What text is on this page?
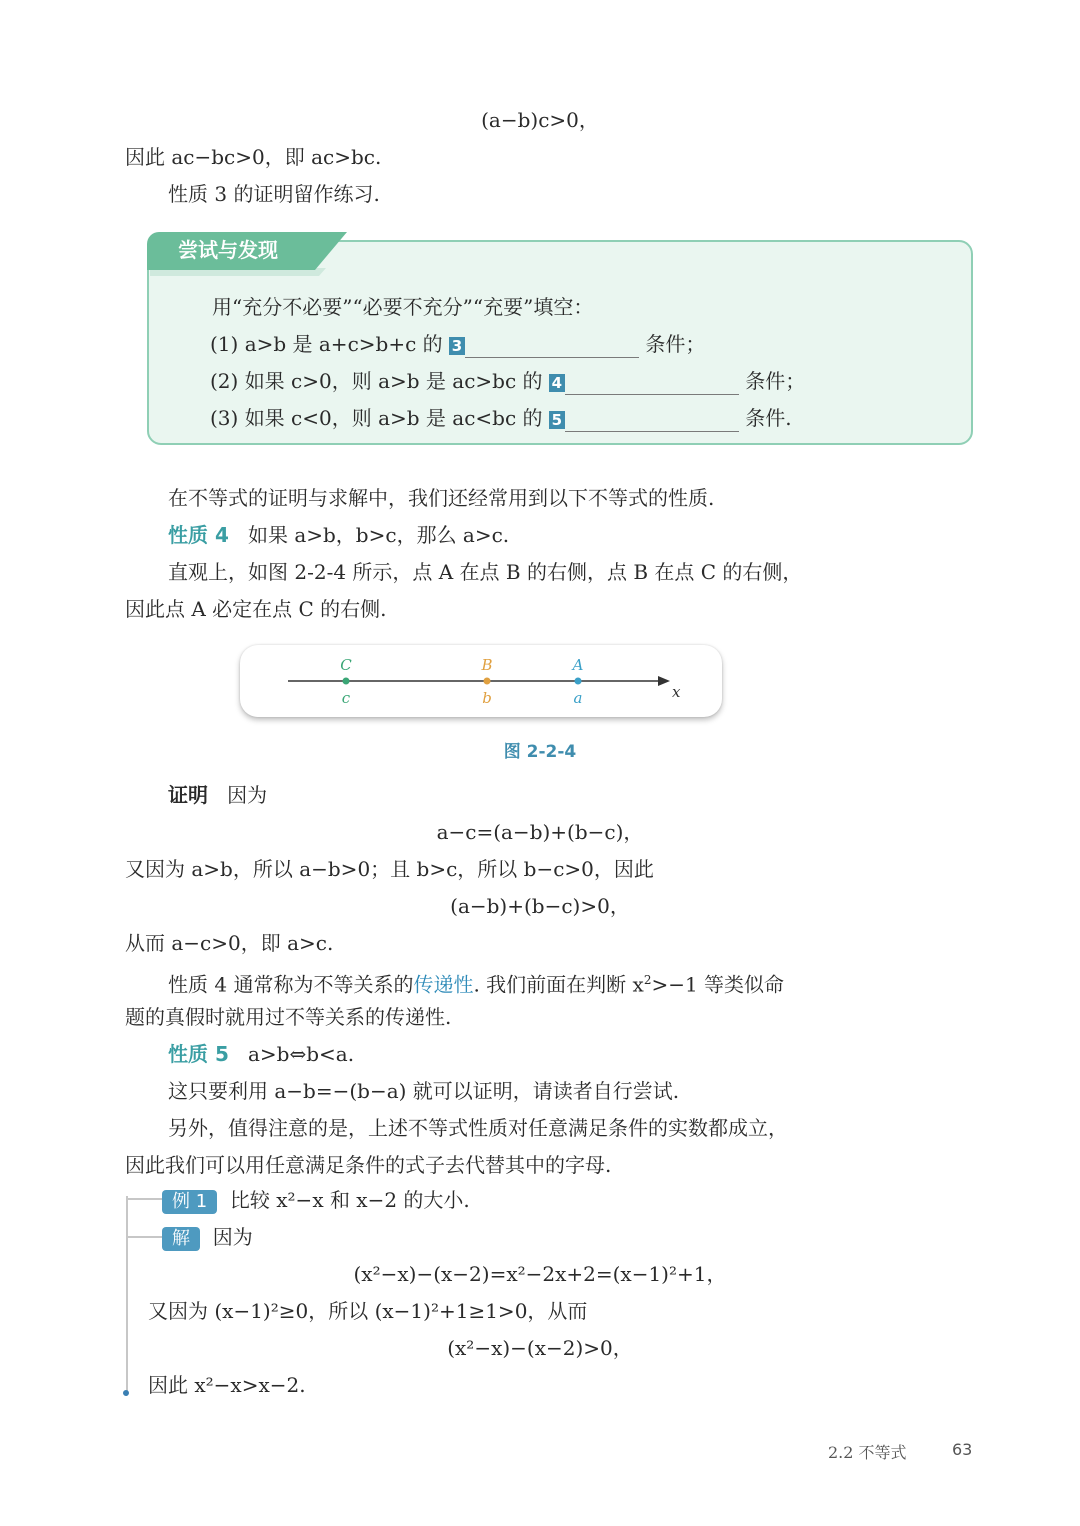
(a−b)c>0，
因此 ac−bc>0，即 ac>bc.
性质 3 的证明留作练习.
尝试与发现
用“充分不必要”“必要不充分”“充要”填空：
(1) a>b 是 a+c>b+c 的 3	条件；
(2) 如果 c>0，则 a>b 是 ac>bc 的 4	条件；
(3) 如果 c<0，则 a>b 是 ac<bc 的 5	条件.
在不等式的证明与求解中，我们还经常用到以下不等式的性质.
性质 4 如果 a>b，b>c，那么 a>c.
直观上，如图 2-2-4 所示，点 A 在点 B 的右侧，点 B 在点 C 的右侧，
因此点 A 必定在点 C 的右侧.
x
C
c
B
b
A
a
图 2-2-4
证明 因为
a−c=(a−b)+(b−c)，
又因为 a>b，所以 a−b>0；且 b>c，所以 b−c>0，因此
(a−b)+(b−c)>0，
从而 a−c>0，即 a>c.
性质 4 通常称为不等关系的传递性. 我们前面在判断 $x^2>-1$ 等类似命
题的真假时就用过不等关系的传递性.
性质 5 a>b⇔b<a.
这只要利用 a−b=−(b−a) 就可以证明，请读者自行尝试.
另外，值得注意的是，上述不等式性质对任意满足条件的实数都成立，
因此我们可以用任意满足条件的式子去代替其中的字母.
例 1 比较 x²−x 和 x−2 的大小.
解 因为
(x²−x)−(x−2)=x²−2x+2=(x−1)²+1，
又因为 (x−1)²≥0，所以 (x−1)²+1≥1>0，从而
(x²−x)−(x−2)>0，
因此 x²−x>x−2.
2.2 不等式	63
